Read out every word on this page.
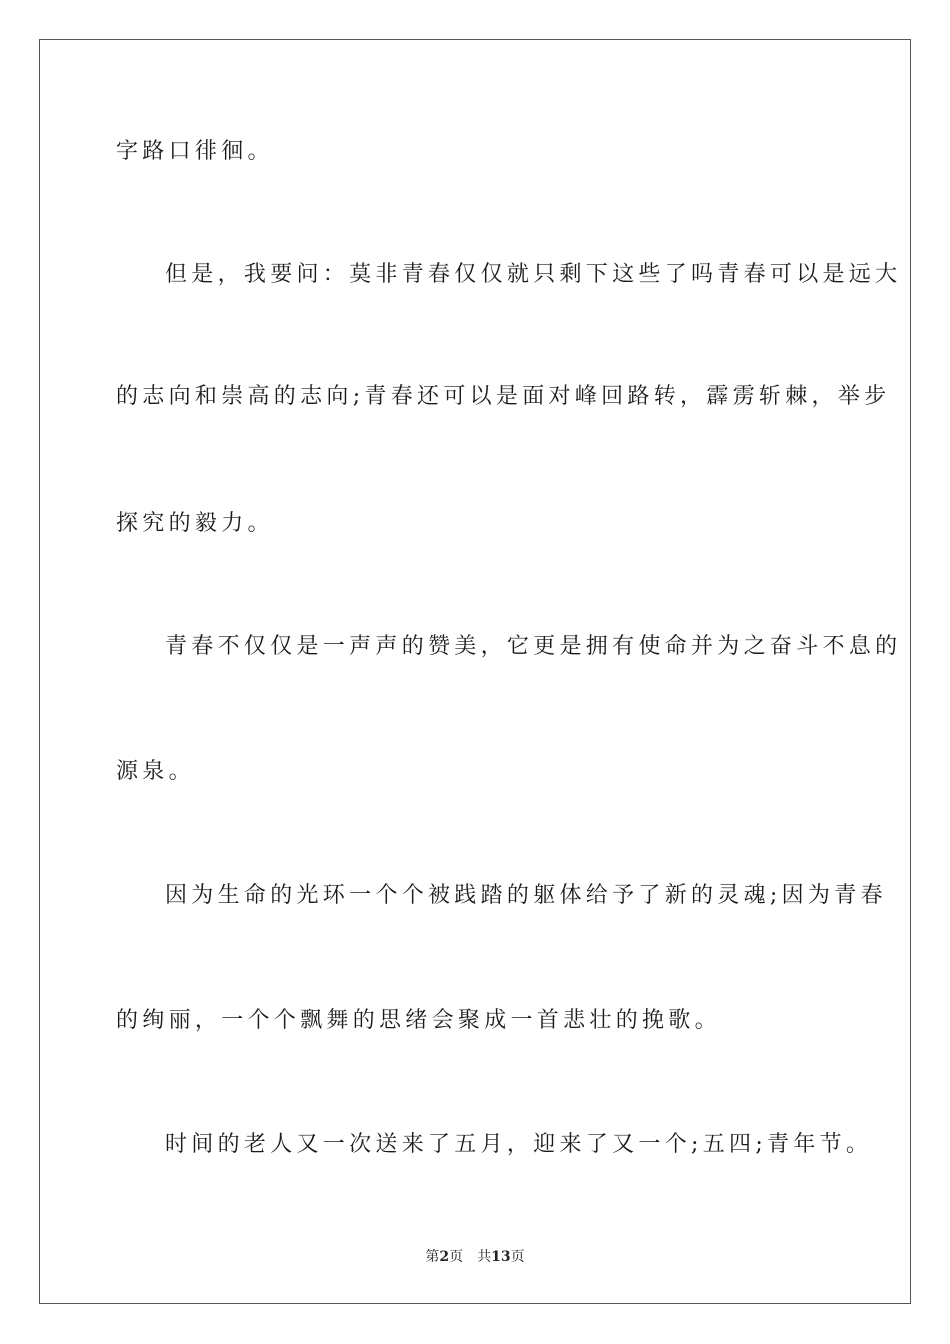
字路口徘徊。
但是，我要问：莫非青春仅仅就只剩下这些了吗青春可以是远大
的志向和崇高的志向;青春还可以是面对峰回路转，霹雳斩棘，举步
探究的毅力。
青春不仅仅是一声声的赞美，它更是拥有使命并为之奋斗不息的
源泉。
因为生命的光环一个个被践踏的躯体给予了新的灵魂;因为青春
的绚丽，一个个飘舞的思绪会聚成一首悲壮的挽歌。
时间的老人又一次送来了五月，迎来了又一个;五四;青年节。
第2页 共13页
